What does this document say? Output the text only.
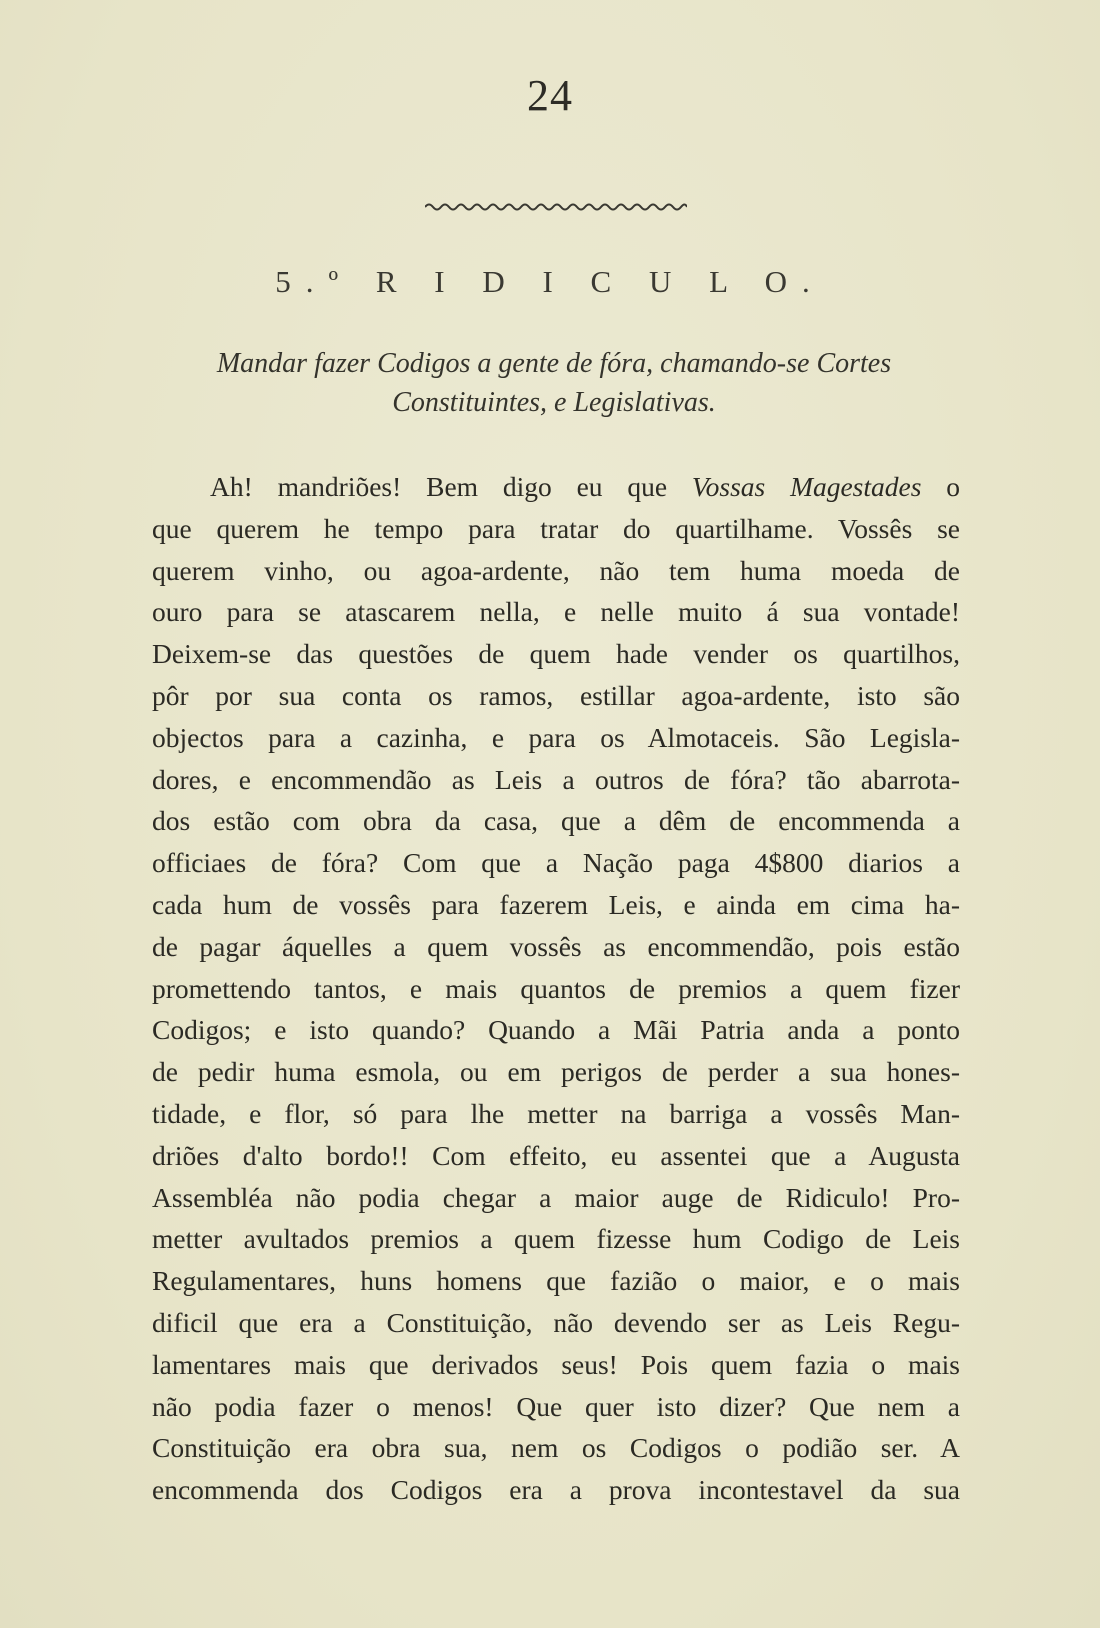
24
5.º R I D I C U L O.
Mandar fazer Codigos a gente de fóra, chamando-se Cortes
Constituintes, e Legislativas.
Ah! mandriões! Bem digo eu que Vossas Magestades o
que querem he tempo para tratar do quartilhame. Vossês se
querem vinho, ou agoa-ardente, não tem huma moeda de
ouro para se atascarem nella, e nelle muito á sua vontade!
Deixem-se das questões de quem hade vender os quartilhos,
pôr por sua conta os ramos, estillar agoa-ardente, isto são
objectos para a cazinha, e para os Almotaceis. São Legisla-
dores, e encommendão as Leis a outros de fóra? tão abarrota-
dos estão com obra da casa, que a dêm de encommenda a
officiaes de fóra? Com que a Nação paga 4$800 diarios a
cada hum de vossês para fazerem Leis, e ainda em cima ha-
de pagar áquelles a quem vossês as encommendão, pois estão
promettendo tantos, e mais quantos de premios a quem fizer
Codigos; e isto quando? Quando a Mãi Patria anda a ponto
de pedir huma esmola, ou em perigos de perder a sua hones-
tidade, e flor, só para lhe metter na barriga a vossês Man-
driões d'alto bordo!! Com effeito, eu assentei que a Augusta
Assembléa não podia chegar a maior auge de Ridiculo! Pro-
metter avultados premios a quem fizesse hum Codigo de Leis
Regulamentares, huns homens que fazião o maior, e o mais
dificil que era a Constituição, não devendo ser as Leis Regu-
lamentares mais que derivados seus! Pois quem fazia o mais
não podia fazer o menos! Que quer isto dizer? Que nem a
Constituição era obra sua, nem os Codigos o podião ser. A
encommenda dos Codigos era a prova incontestavel da sua
